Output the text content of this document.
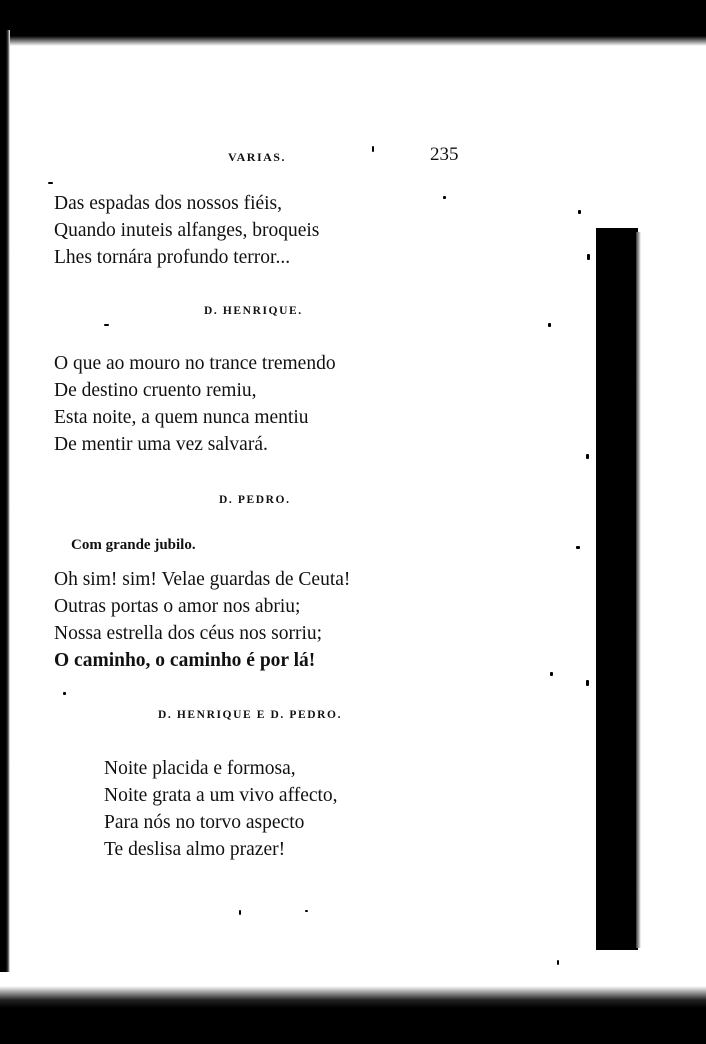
VARIAS.	235
Das espadas dos nossos fiéis,
Quando inuteis alfanges, broqueis
Lhes tornára profundo terror...
D. HENRIQUE.
O que ao mouro no trance tremendo
De destino cruento remiu,
Esta noite, a quem nunca mentiu
De mentir uma vez salvará.
D. PEDRO.
Com grande jubilo.
Oh sim! sim! Velae guardas de Ceuta!
Outras portas o amor nos abriu;
Nossa estrella dos céus nos sorriu;
O caminho, o caminho é por lá!
D. HENRIQUE E D. PEDRO.
Noite placida e formosa,
Noite grata a um vivo affecto,
Para nós no torvo aspecto
Te deslisa almo prazer!
